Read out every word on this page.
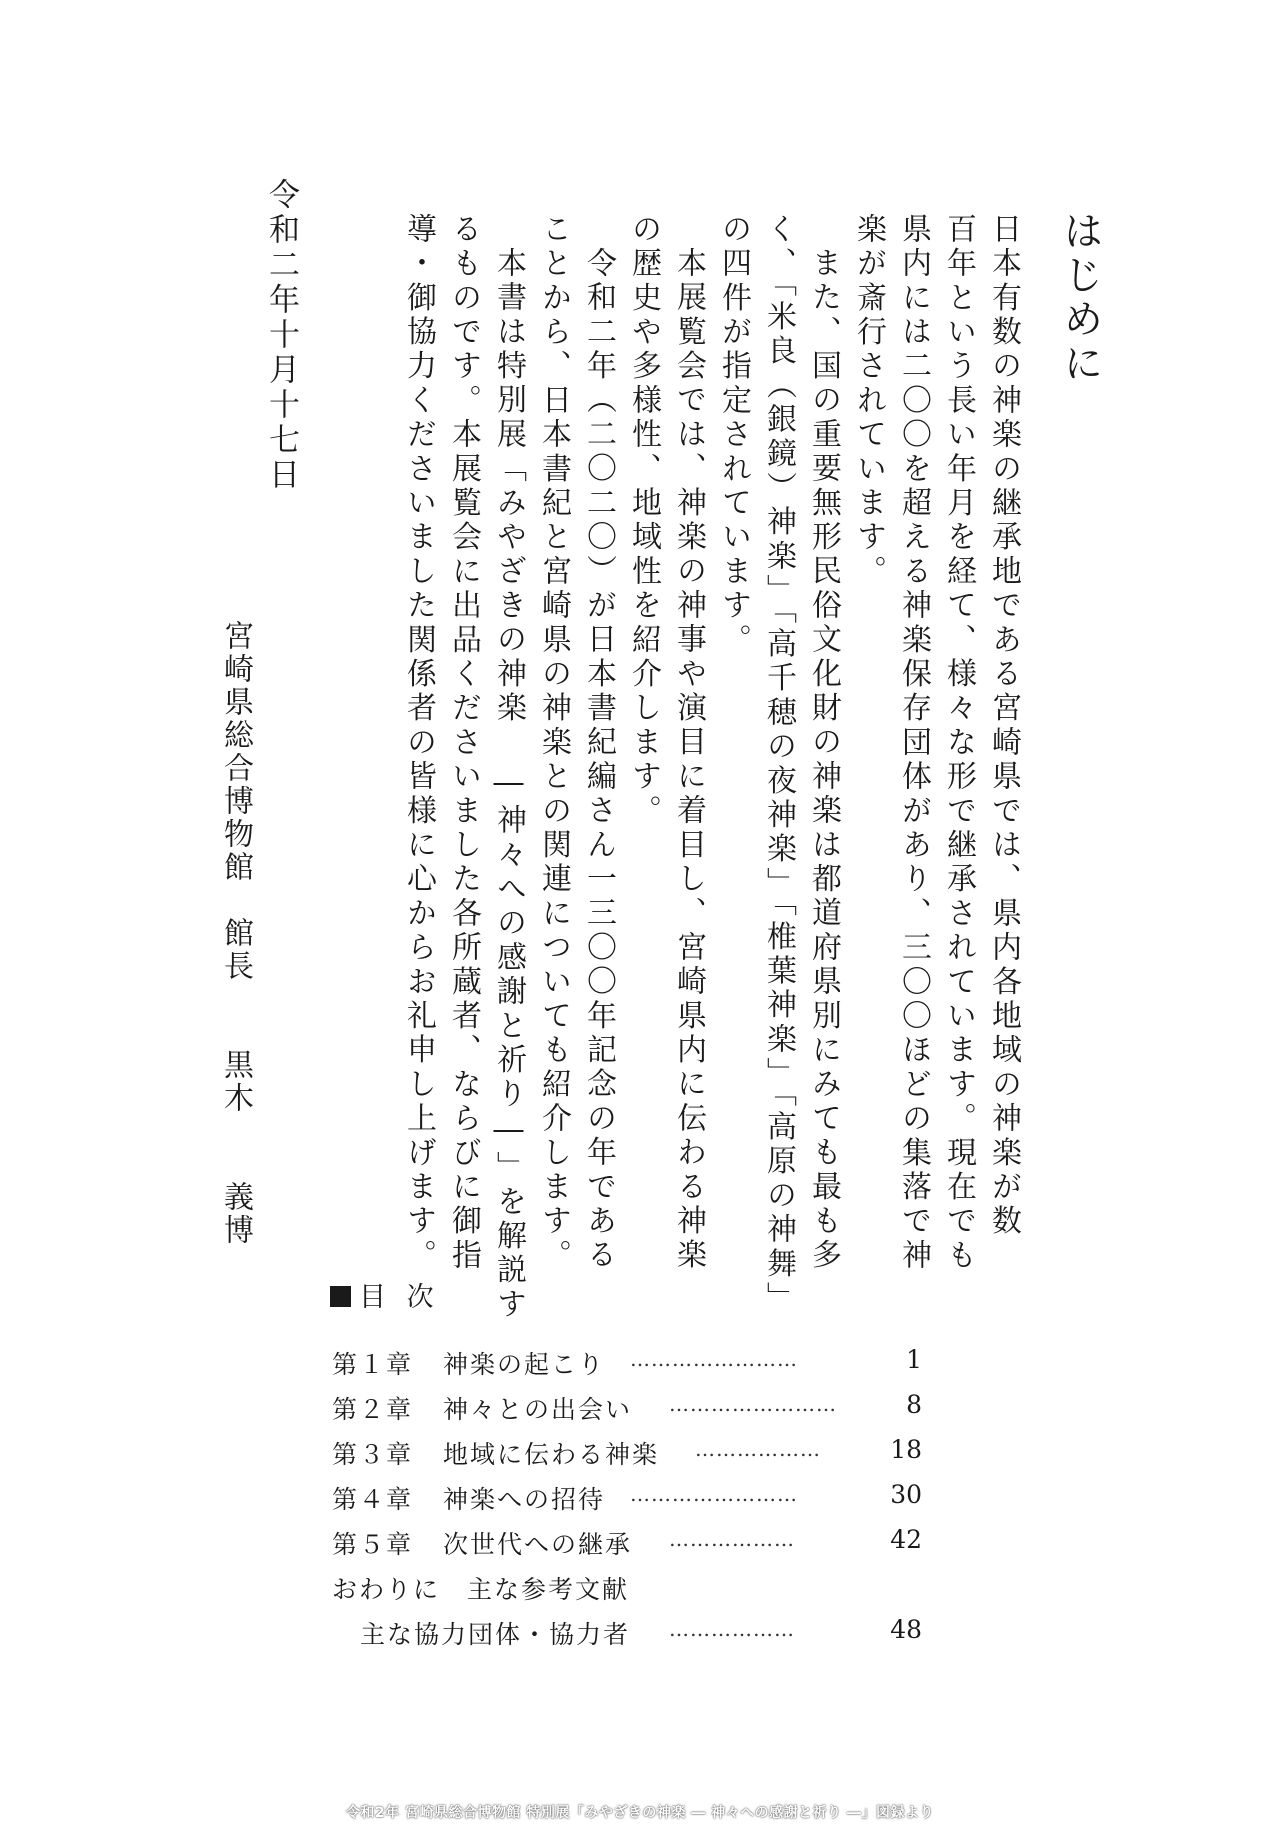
はじめに
日本有数の神楽の継承地である宮崎県では、県内各地域の神楽が数
百年という長い年月を経て、様々な形で継承されています。現在でも
県内には二〇〇を超える神楽保存団体があり、三〇〇ほどの集落で神
楽が斎行されています。
また、国の重要無形民俗文化財の神楽は都道府県別にみても最も多
く、「米良（銀鏡）神楽」「高千穂の夜神楽」「椎葉神楽」「高原の神舞」
の四件が指定されています。
本展覧会では、神楽の神事や演目に着目し、宮崎県内に伝わる神楽
の歴史や多様性、地域性を紹介します。
令和二年（二〇二〇）が日本書紀編さん一三〇〇年記念の年である
ことから、日本書紀と宮崎県の神楽との関連についても紹介します。
本書は特別展「みやざきの神楽 ―神々への感謝と祈り―」を解説す
るものです。本展覧会に出品くださいました各所蔵者、ならびに御指
導・御協力くださいました関係者の皆様に心からお礼申し上げます。
令和二年十月十七日
宮崎県総合博物館　館長　　黒木　　義博
目 次
第１章 神楽の起こり ……………………	1
第２章 神々との出会い ……………………	8
第３章 地域に伝わる神楽 ………………	18
第４章 神楽への招待 ……………………	30
第５章 次世代への継承 ………………	42
おわりに　主な参考文献
主な協力団体・協力者 ………………	48
令和2年 宮崎県総合博物館 特別展「みやざきの神楽 ― 神々への感謝と祈り ―」図録より
